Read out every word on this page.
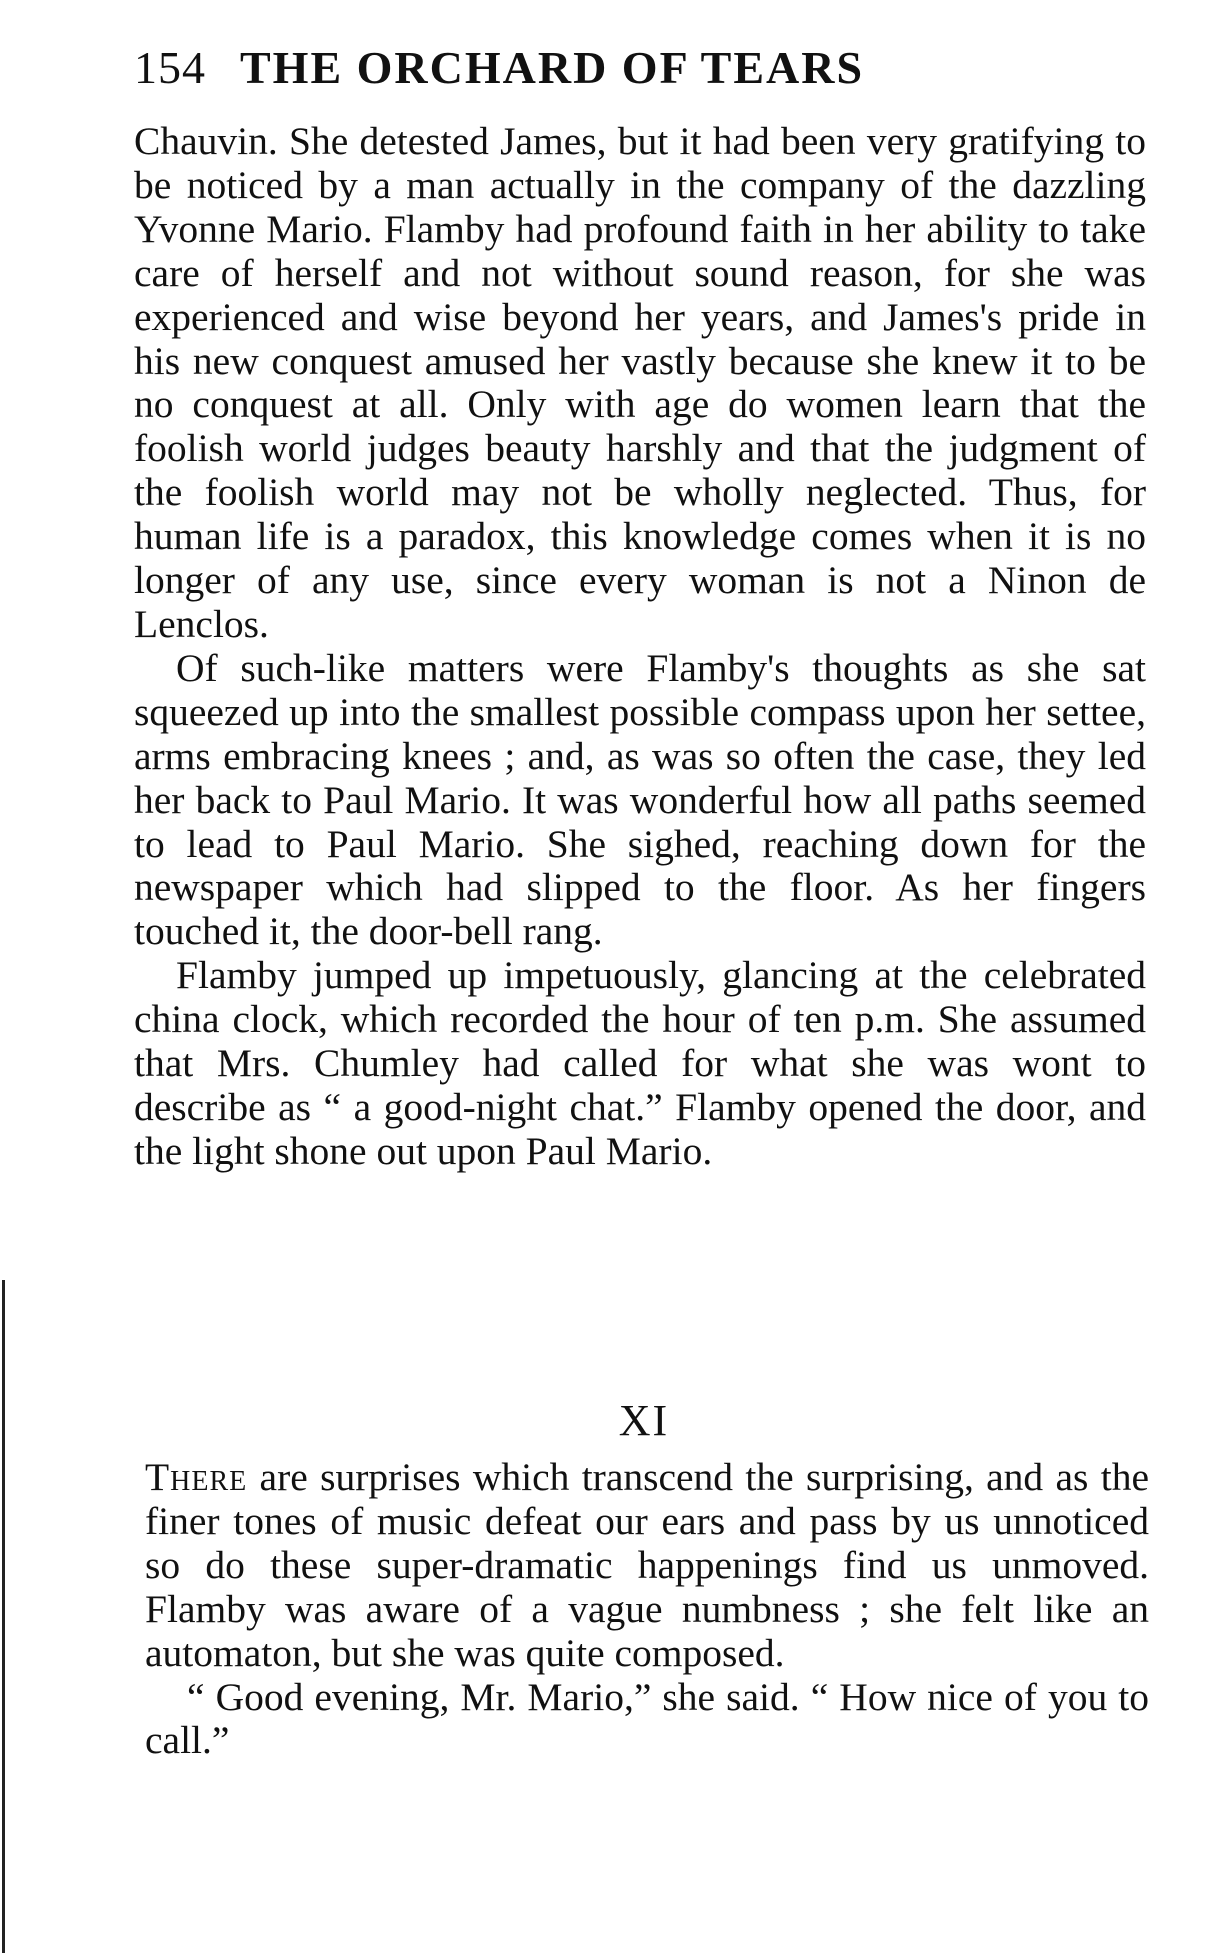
154 THE ORCHARD OF TEARS

Chauvin. She detested James, but it had been very gratifying to be noticed by a man actually in the company of the dazzling Yvonne Mario. Flamby had profound faith in her ability to take care of herself and not without sound reason, for she was experienced and wise beyond her years, and James's pride in his new conquest amused her vastly because she knew it to be no conquest at all. Only with age do women learn that the foolish world judges beauty harshly and that the judgment of the foolish world may not be wholly neglected. Thus, for human life is a paradox, this knowledge comes when it is no longer of any use, since every woman is not a Ninon de Lenclos.

Of such-like matters were Flamby's thoughts as she sat squeezed up into the smallest possible compass upon her settee, arms embracing knees ; and, as was so often the case, they led her back to Paul Mario. It was wonderful how all paths seemed to lead to Paul Mario. She sighed, reaching down for the newspaper which had slipped to the floor. As her fingers touched it, the door-bell rang.

Flamby jumped up impetuously, glancing at the celebrated china clock, which recorded the hour of ten p.m. She assumed that Mrs. Chumley had called for what she was wont to describe as “ a good-night chat.” Flamby opened the door, and the light shone out upon Paul Mario.

XI

There are surprises which transcend the surprising, and as the finer tones of music defeat our ears and pass by us unnoticed so do these super-dramatic happenings find us unmoved. Flamby was aware of a vague numbness ; she felt like an automaton, but she was quite composed.

“ Good evening, Mr. Mario,” she said. “ How nice of you to call.”
